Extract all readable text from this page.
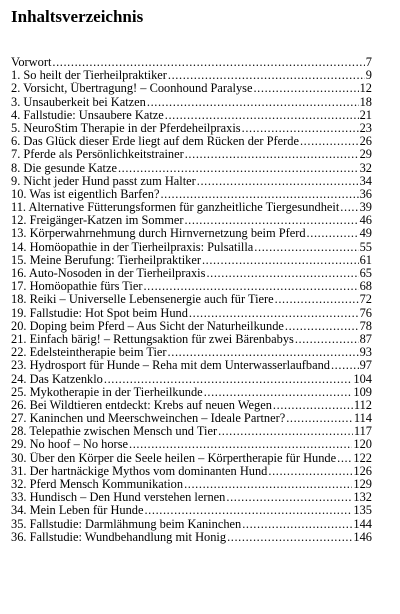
Inhaltsverzeichnis
Vorwort .....	7
1. So heilt der Tierheilpraktiker .....	9
2. Vorsicht, Übertragung! – Coonhound Paralyse .....	12
3. Unsauberkeit bei Katzen .....	18
4. Fallstudie: Unsaubere Katze .....	21
5. NeuroStim Therapie in der Pferdeheilpraxis .....	23
6. Das Glück dieser Erde liegt auf dem Rücken der Pferde .....	26
7. Pferde als Persönlichkeitstrainer .....	29
8. Die gesunde Katze .....	32
9. Nicht jeder Hund passt zum Halter .....	34
10. Was ist eigentlich Barfen? .....	36
11. Alternative Fütterungsformen für ganzheitliche Tiergesundheit ..... 39
12. Freigänger-Katzen im Sommer .....	46
13. Körperwahrnehmung durch Hirnvernetzung beim Pferd .....	49
14. Homöopathie in der Tierheilpraxis: Pulsatilla .....	55
15. Meine Berufung: Tierheilpraktiker .....	61
16. Auto-Nosoden in der Tierheilpraxis .....	65
17. Homöopathie fürs Tier .....	68
18. Reiki – Universelle Lebensenergie auch für Tiere .....	72
19. Fallstudie: Hot Spot beim Hund .....	76
20. Doping beim Pferd – Aus Sicht der Naturheilkunde .....	78
21. Einfach bärig! – Rettungsaktion für zwei Bärenbabys .....	87
22. Edelsteintherapie beim Tier .....	93
23. Hydrosport für Hunde – Reha mit dem Unterwasserlaufband ..... 97
24. Das Katzenklo .....	104
25. Mykotherapie in der Tierheilkunde .....	109
26. Bei Wildtieren entdeckt: Krebs auf neuen Wegen .....	112
27. Kaninchen und Meerschweinchen – Ideale Partner? .....	114
28. Telepathie zwischen Mensch und Tier .....	117
29. No hoof – No horse .....	120
30. Über den Körper die Seele heilen – Körpertherapie für Hunde ..... 122
31. Der hartnäckige Mythos vom dominanten Hund .....	126
32. Pferd Mensch Kommunikation .....	129
33. Hundisch – Den Hund verstehen lernen .....	132
34. Mein Leben für Hunde .....	135
35. Fallstudie: Darmlähmung beim Kaninchen .....	144
36. Fallstudie: Wundbehandlung mit Honig .....	146
